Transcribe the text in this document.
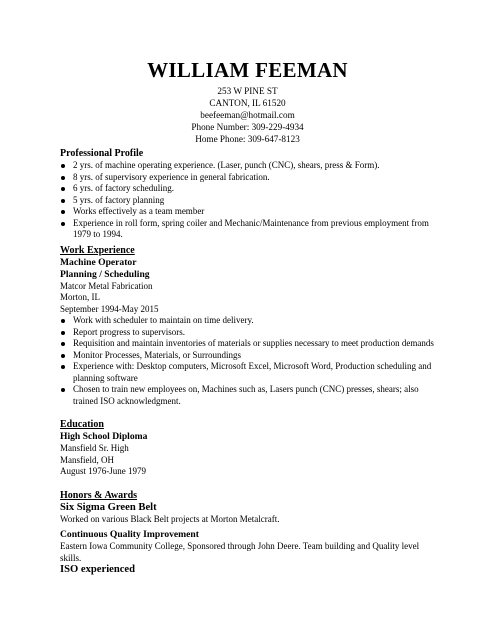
WILLIAM FEEMAN
253 W PINE ST
CANTON, IL 61520
beefeeman@hotmail.com
Phone Number: 309-229-4934
Home Phone: 309-647-8123
Professional Profile
2 yrs. of machine operating experience. (Laser, punch (CNC), shears, press & Form).
8 yrs. of supervisory experience in general fabrication.
6 yrs. of factory scheduling.
5 yrs. of factory planning
Works effectively as a team member
Experience in roll form, spring coiler and Mechanic/Maintenance from previous employment from 1979 to 1994.
Work Experience
Machine Operator
Planning / Scheduling
Matcor Metal Fabrication
Morton, IL
September 1994-May 2015
Work with scheduler to maintain on time delivery.
Report progress to supervisors.
Requisition and maintain inventories of materials or supplies necessary to meet production demands
Monitor Processes, Materials, or Surroundings
Experience with: Desktop computers, Microsoft Excel, Microsoft Word, Production scheduling and planning software
Chosen to train new employees on, Machines such as, Lasers punch (CNC) presses, shears; also trained ISO acknowledgment.
Education
High School Diploma
Mansfield Sr. High
Mansfield, OH
August 1976-June 1979
Honors & Awards
Six Sigma Green Belt
Worked on various Black Belt projects at Morton Metalcraft.
Continuous Quality Improvement
Eastern Iowa Community College, Sponsored through John Deere. Team building and Quality level skills.
ISO experienced
